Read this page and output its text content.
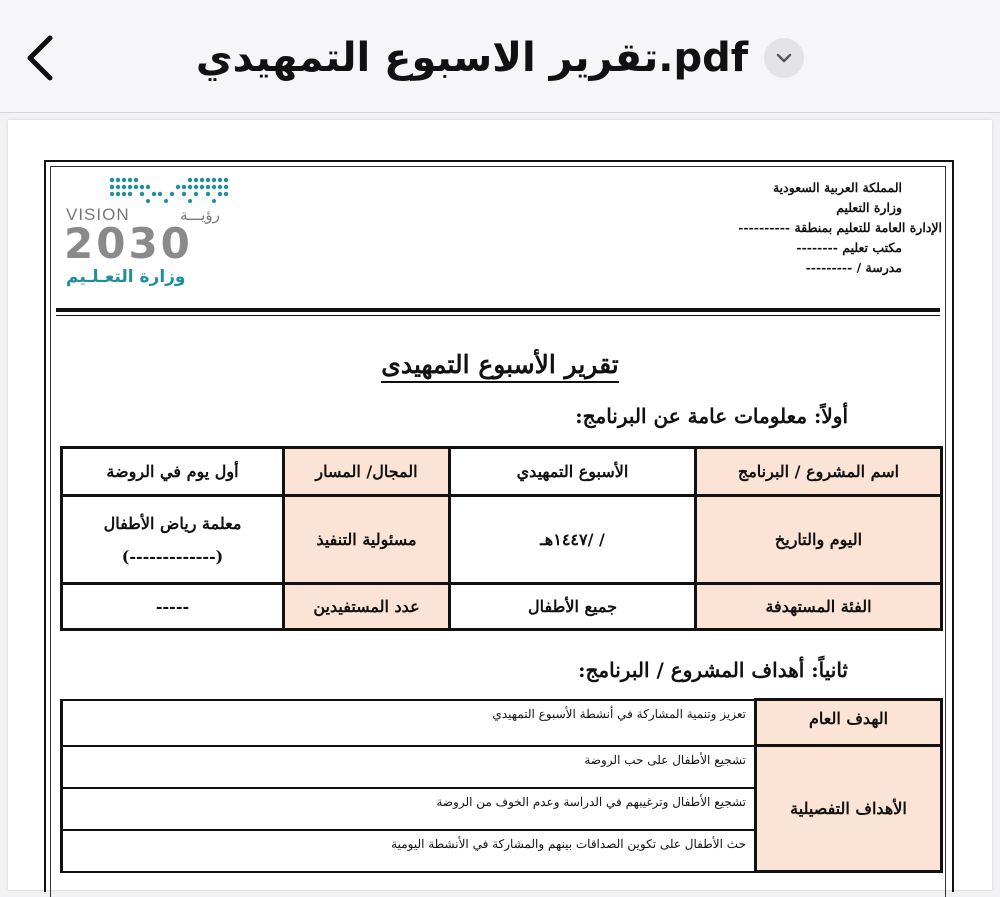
تقرير الاسبوع التمهيدي.pdf
VISION	رؤيـــة
2030
وزارة التعـلـيم
المملكة العربية السعودية
وزارة التعليم
الإدارة العامة للتعليم بمنطقة ----------
مكتب تعليم --------
مدرسة / ---------
تقرير الأسبوع التمهيدى
أولاً: معلومات عامة عن البرنامج:
اسم المشروع / البرنامج	الأسبوع التمهيدي	المجال/ المسار	أول يوم في الروضة
اليوم والتاريخ	/ /١٤٤٧هـ	مسئولية التنفيذ	معلمة رياض الأطفال
(-------------)

الفئة المستهدفة	جميع الأطفال	عدد المستفيدين	-----
ثانياً: أهداف المشروع / البرنامج:
الهدف العام	تعزيز وتنمية المشاركة في أنشطة الأسبوع التمهيدي
الأهداف التفصيلية	تشجيع الأطفال على حب الروضة
	تشجيع الأطفال وترغيبهم في الدراسة وعدم الخوف من الروضة
	حث الأطفال على تكوين الصداقات بينهم والمشاركة في الأنشطة اليومية
